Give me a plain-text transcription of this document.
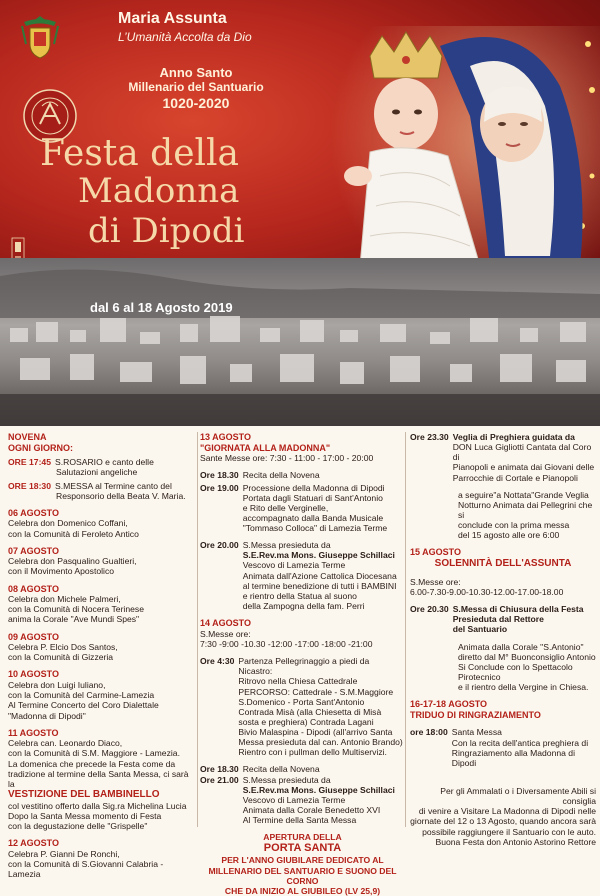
Maria Assunta
L’Umanità Accolta da Dio
Anno Santo
Millenario del Santuario
1020-2020
Festa della
Madonna
di Dipodi
dal 6 al 18 Agosto 2019
NOVENA
OGNI GIORNO:
ORE 17:45 S.ROSARIO e canto delle
Salutazioni angeliche
ORE 18:30 S.MESSA al Termine canto del
Responsorio della Beata V. Maria.
06 AGOSTO
Celebra don Domenico Coffani,
con la Comunità di Feroleto Antico
07 AGOSTO
Celebra don Pasqualino Gualtieri,
con il Movimento Apostolico
08 AGOSTO
Celebra don Michele Palmeri,
con la Comunità di Nocera Terinese
anima la Corale "Ave Mundi Spes"
09 AGOSTO
Celebra P. Elcio Dos Santos,
con la Comunità di Gizzeria
10 AGOSTO
Celebra don Luigi Iuliano,
con la Comunità del Carmine-Lamezia
Al Termine Concerto del Coro Dialettale
"Madonna di Dipodi"
11 AGOSTO
Celebra can. Leonardo Diaco,
con la Comunità di S.M. Maggiore - Lamezia.
La domenica che precede la Festa come da
tradizione al termine della Santa Messa, ci sarà la
VESTIZIONE DEL BAMBINELLO
col vestitino offerto dalla Sig.ra Michelina Lucia
Dopo la Santa Messa momento di Festa
con la degustazione delle "Grispelle"
12 AGOSTO
Celebra P. Gianni De Ronchi,
con la Comunità di S.Giovanni Calabria - Lamezia
13 AGOSTO
"GIORNATA ALLA MADONNA"
Sante Messe ore: 7:30 - 11:00 - 17:00 - 20:00
Ore 18.30 Recita della Novena
Ore 19.00 Processione della Madonna di Dipodi
Portata dagli Statuari di Sant'Antonio
e Rito delle Verginelle,
accompagnato dalla Banda Musicale
"Tommaso Colloca" di Lamezia Terme
Ore 20.00 S.Messa presieduta da
S.E.Rev.ma Mons. Giuseppe Schillaci
Vescovo di Lamezia Terme
Animata dall'Azione Cattolica Diocesana
al termine benedizione di tutti i BAMBINI
e rientro della Statua al suono
della Zampogna della fam. Perri
14 AGOSTO
S.Messe ore:
7:30 -9:00 -10.30 -12:00 -17:00 -18:00 -21:00
Ore 4:30 Partenza Pellegrinaggio a piedi da Nicastro:
Ritrovo nella Chiesa Cattedrale
PERCORSO: Cattedrale - S.M.Maggiore
S.Domenico - Porta Sant'Antonio
Contrada Misà (alla Chiesetta di Misà
sosta e preghiera) Contrada Lagani
Bivio Malaspina - Dipodi (all'arrivo Santa
Messa presieduta dal can. Antonio Brando)
Rientro con i pullman dello Multiservizi.
Ore 18.30 Recita della Novena
Ore 21.00 S.Messa presieduta da
S.E.Rev.ma Mons. Giuseppe Schillaci
Vescovo di Lamezia Terme
Animata dalla Corale Benedetto XVI
Al Termine della Santa Messa
APERTURA DELLA
PORTA SANTA
PER L'ANNO GIUBILARE DEDICATO AL
MILLENARIO DEL SANTUARIO E SUONO DEL CORNO
CHE DA INIZIO AL GIUBILEO (LV 25,9)
Ore 23.30 Veglia di Preghiera guidata da
DON Luca Gigliotti Cantata dal Coro di
Pianopoli e animata dai Giovani delle
Parrocchie di Cortale e Pianopoli
a seguire"a Nottata"Grande Veglia
Notturno Animata dai Pellegrini che si
conclude con la prima messa
del 15 agosto alle ore 6:00
15 AGOSTO
SOLENNITÀ DELL'ASSUNTA
S.Messe ore:
6.00-7.30-9.00-10.30-12.00-17.00-18.00
Ore 20.30 S.Messa di Chiusura della Festa
Presieduta dal Rettore
del Santuario
Animata dalla Corale "S.Antonio"
diretto dal M° Buonconsiglio Antonio
Si Conclude con lo Spettacolo Pirotecnico
e il rientro della Vergine in Chiesa.
16-17-18 AGOSTO
TRIDUO DI RINGRAZIAMENTO
ore 18:00 Santa Messa
Con la recita dell'antica preghiera di
Ringraziamento alla Madonna di Dipodi
Per gli Ammalati o i Diversamente Abili si consiglia
di venire a Visitare La Madonna di Dipodi nelle
giornate del 12 o 13 Agosto, quando ancora sarà
possibile raggiungere il Santuario con le auto.
Buona Festa don Antonio Astorino Rettore
